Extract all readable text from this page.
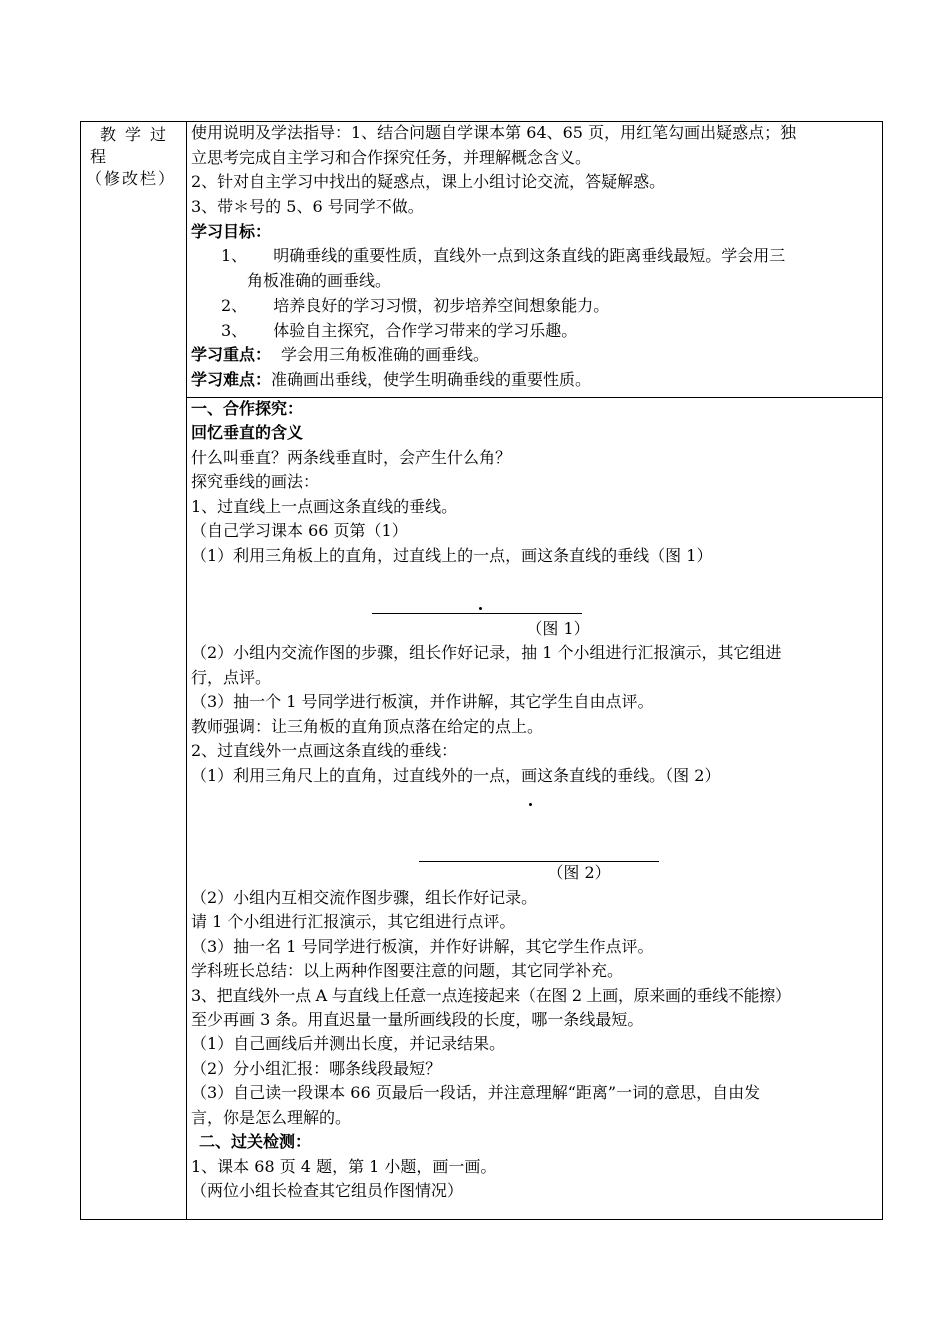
教学过
程
（修改栏）
使用说明及学法指导：1、结合问题自学课本第 64、65 页，用红笔勾画出疑惑点；独
立思考完成自主学习和合作探究任务，并理解概念含义。
2、针对自主学习中找出的疑惑点，课上小组讨论交流，答疑解惑。
3、带＊号的 5、6 号同学不做。
学习目标：
1、 明确垂线的重要性质，直线外一点到这条直线的距离垂线最短。学会用三
角板准确的画垂线。
2、 培养良好的学习习惯，初步培养空间想象能力。
3、 体验自主探究，合作学习带来的学习乐趣。
学习重点： 学会用三角板准确的画垂线。
学习难点：准确画出垂线，使学生明确垂线的重要性质。
一、合作探究：
回忆垂直的含义
什么叫垂直？两条线垂直时，会产生什么角？
探究垂线的画法：
1、过直线上一点画这条直线的垂线。
（自己学习课本 66 页第（1）
（1）利用三角板上的直角，过直线上的一点，画这条直线的垂线（图 1）
（图 1）
（2）小组内交流作图的步骤，组长作好记录，抽 1 个小组进行汇报演示，其它组进
行，点评。
（3）抽一个 1 号同学进行板演，并作讲解，其它学生自由点评。
教师强调：让三角板的直角顶点落在给定的点上。
2、过直线外一点画这条直线的垂线：
（1）利用三角尺上的直角，过直线外的一点，画这条直线的垂线。（图 2）
（图 2）
（2）小组内互相交流作图步骤，组长作好记录。
请 1 个小组进行汇报演示，其它组进行点评。
（3）抽一名 1 号同学进行板演，并作好讲解，其它学生作点评。
学科班长总结：以上两种作图要注意的问题，其它同学补充。
3、把直线外一点 A 与直线上任意一点连接起来（在图 2 上画，原来画的垂线不能擦）
至少再画 3 条。用直迟量一量所画线段的长度，哪一条线最短。
（1）自己画线后并测出长度，并记录结果。
（2）分小组汇报：哪条线段最短？
（3）自己读一段课本 66 页最后一段话，并注意理解“距离”一词的意思，自由发
言，你是怎么理解的。
二、过关检测：
1、课本 68 页 4 题，第 1 小题，画一画。
（两位小组长检查其它组员作图情况）
